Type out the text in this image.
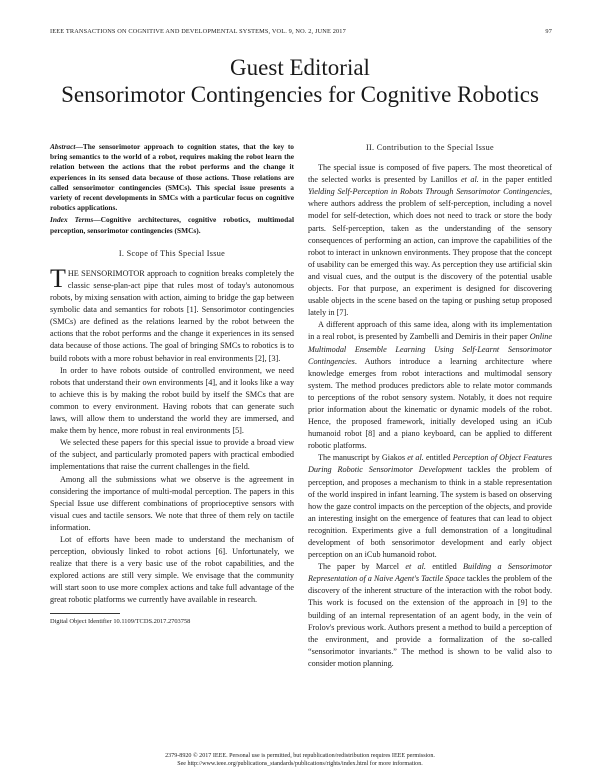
IEEE TRANSACTIONS ON COGNITIVE AND DEVELOPMENTAL SYSTEMS, VOL. 9, NO. 2, JUNE 2017	97
Guest Editorial
Sensorimotor Contingencies for Cognitive Robotics
Abstract—The sensorimotor approach to cognition states, that the key to bring semantics to the world of a robot, requires making the robot learn the relation between the actions that the robot performs and the change it experiences in its sensed data because of those actions. Those relations are called sensorimotor contingencies (SMCs). This special issue presents a variety of recent developments in SMCs with a particular focus on cognitive robotics applications.
Index Terms—Cognitive architectures, cognitive robotics, multimodal perception, sensorimotor contingencies (SMCs).
I. Scope of This Special Issue

THE SENSORIMOTOR approach to cognition breaks completely the classic sense-plan-act pipe that rules most of today's autonomous robots, by mixing sensation with action, aiming to bridge the gap between symbolic data and semantics for robots [1]. Sensorimotor contingencies (SMCs) are defined as the relations learned by the robot between the actions that the robot performs and the change it experiences in its sensed data because of those actions. The goal of bringing SMCs to robotics is to build robots with a more robust behavior in real environments [2], [3].

In order to have robots outside of controlled environment, we need robots that understand their own environments [4], and it looks like a way to achieve this is by making the robot build by itself the SMCs that are common to every environment. Having robots that can generate such laws, will allow them to understand the world they are immersed, and make them by hence, more robust in real environments [5].

We selected these papers for this special issue to provide a broad view of the subject, and particularly promoted papers with practical embodied implementations that raise the current challenges in the field.

Among all the submissions what we observe is the agreement in considering the importance of multi-modal perception. The papers in this Special Issue use different combinations of proprioceptive sensors with visual cues and tactile sensors. We note that three of them rely on tactile information.

Lot of efforts have been made to understand the mechanism of perception, obviously linked to robot actions [6]. Unfortunately, we realize that there is a very basic use of the robot capabilities, and the explored actions are still very simple. We envisage that the community will start soon to use more complex actions and take full advantage of the great robotic platforms we currently have available in research.

Digital Object Identifier 10.1109/TCDS.2017.2703758
II. Contribution to the Special Issue

The special issue is composed of five papers. The most theoretical of the selected works is presented by Lanillos et al. in the paper entitled Yielding Self-Perception in Robots Through Sensorimotor Contingencies, where authors address the problem of self-perception, including a novel model for self-detection, which does not need to track or store the body parts. Self-perception, taken as the understanding of the sensory consequences of performing an action, can improve the capabilities of the robot to interact in unknown environments. They propose that the concept of usability can be emerged this way. As perception they use artificial skin and visual cues, and the output is the discovery of the potential usable objects. For that purpose, an experiment is designed for discovering usable objects in the scene based on the taping or pushing setup proposed lately in [7].

A different approach of this same idea, along with its implementation in a real robot, is presented by Zambelli and Demiris in their paper Online Multimodal Ensemble Learning Using Self-Learnt Sensorimotor Contingencies. Authors introduce a learning architecture where knowledge emerges from robot interactions and multimodal sensory system. The method produces predictors able to relate motor commands to perceptions of the robot sensory system. Notably, it does not require prior information about the kinematic or dynamic models of the robot. Hence, the proposed framework, initially developed using an iCub humanoid robot [8] and a piano keyboard, can be applied to different robotic platforms.

The manuscript by Giakos et al. entitled Perception of Object Features During Robotic Sensorimotor Development tackles the problem of perception, and proposes a mechanism to think in a stable representation of the world inspired in infant learning. The system is based on observing how the gaze control impacts on the perception of the objects, and provide an interesting insight on the emergence of features that can lead to object recognition. Experiments give a full demonstration of a longitudinal development of both sensorimotor development and early object perception on an iCub humanoid robot.

The paper by Marcel et al. entitled Building a Sensorimotor Representation of a Naive Agent's Tactile Space tackles the problem of the discovery of the inherent structure of the interaction with the robot body. This work is focused on the extension of the approach in [9] to the building of an internal representation of an agent body, in the vein of Frolov's previous work. Authors present a method to build a perception of the environment, and provide a formalization of the so-called “sensorimotor invariants.” The method is shown to be valid also to consider motion planning.

2379-8920 © 2017 IEEE. Personal use is permitted, but republication/redistribution requires IEEE permission.
See http://www.ieee.org/publications_standards/publications/rights/index.html for more information.
